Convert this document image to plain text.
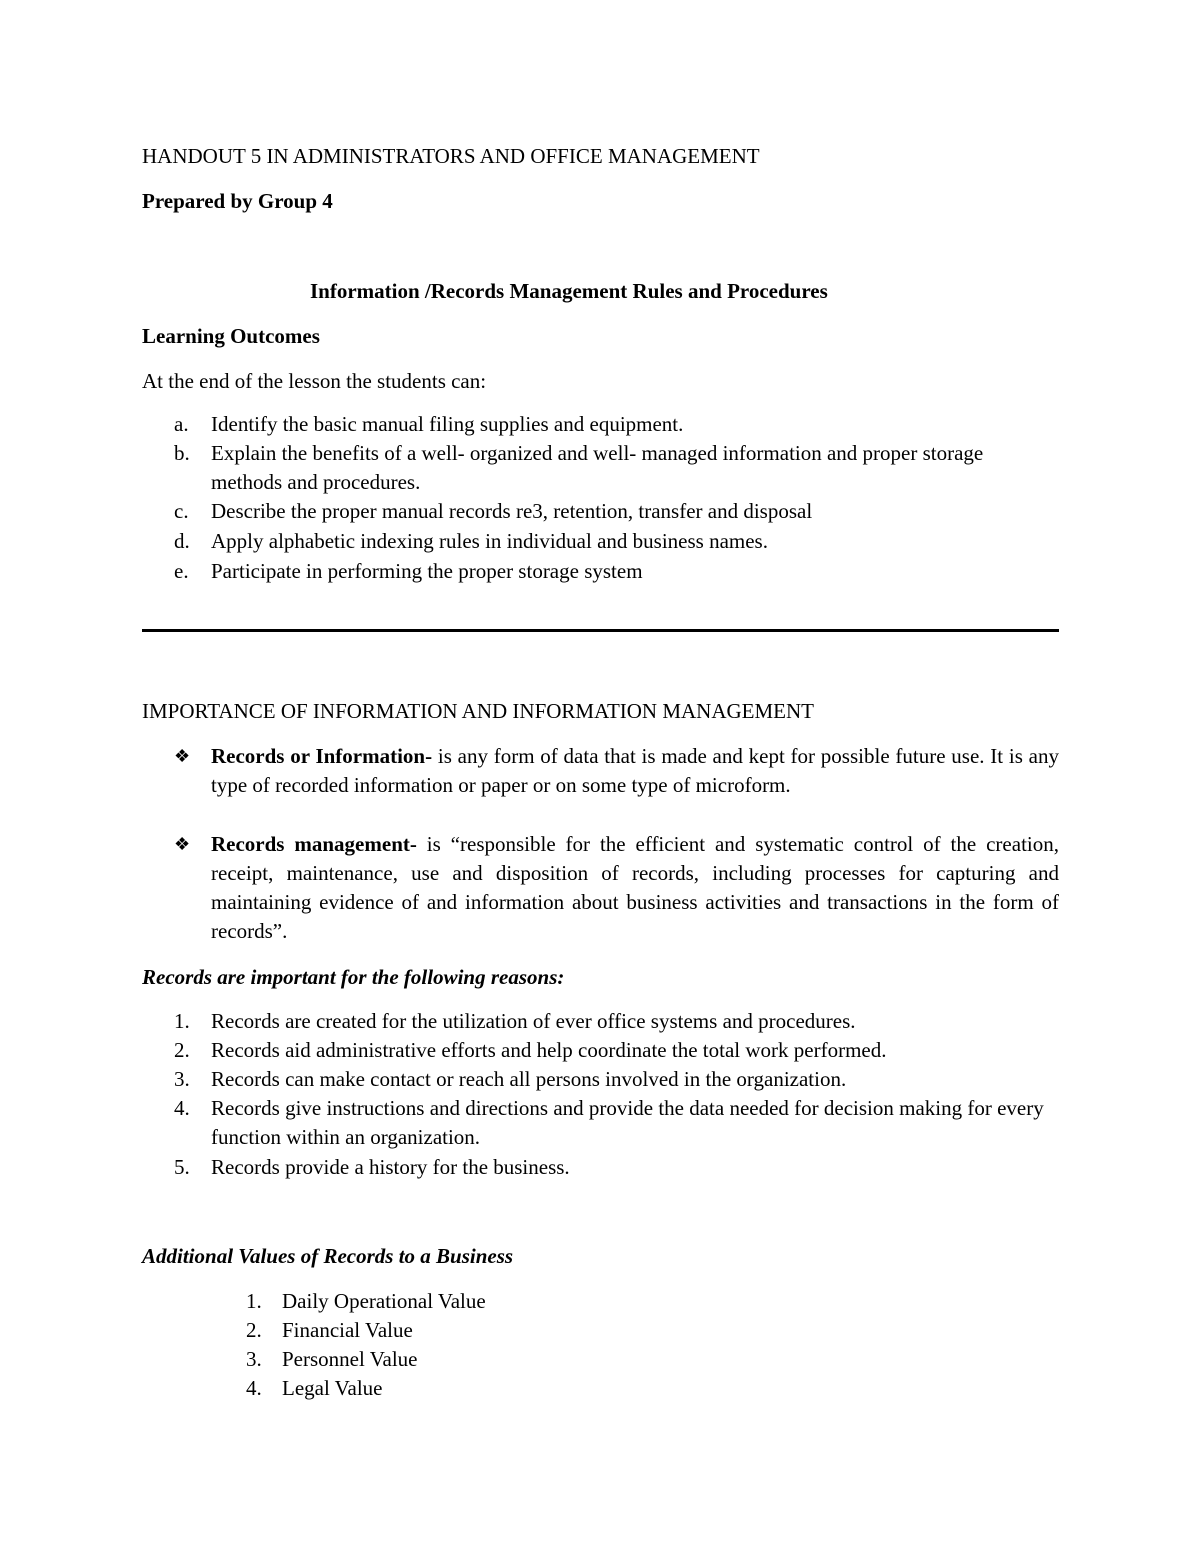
HANDOUT 5 IN ADMINISTRATORS AND OFFICE MANAGEMENT
Prepared by Group 4
Information /Records Management Rules and Procedures
Learning Outcomes
At the end of the lesson the students can:
a. Identify the basic manual filing supplies and equipment.
b. Explain the benefits of a well- organized and well- managed information and proper storage methods and procedures.
c. Describe the proper manual records re3, retention, transfer and disposal
d. Apply alphabetic indexing rules in individual and business names.
e. Participate in performing the proper storage system
IMPORTANCE OF INFORMATION AND INFORMATION MANAGEMENT
❖ Records or Information- is any form of data that is made and kept for possible future use. It is any type of recorded information or paper or on some type of microform.
❖ Records management- is “responsible for the efficient and systematic control of the creation, receipt, maintenance, use and disposition of records, including processes for capturing and maintaining evidence of and information about business activities and transactions in the form of records”.
Records are important for the following reasons:
1. Records are created for the utilization of ever office systems and procedures.
2. Records aid administrative efforts and help coordinate the total work performed.
3. Records can make contact or reach all persons involved in the organization.
4. Records give instructions and directions and provide the data needed for decision making for every function within an organization.
5. Records provide a history for the business.
Additional Values of Records to a Business
1. Daily Operational Value
2. Financial Value
3. Personnel Value
4. Legal Value
